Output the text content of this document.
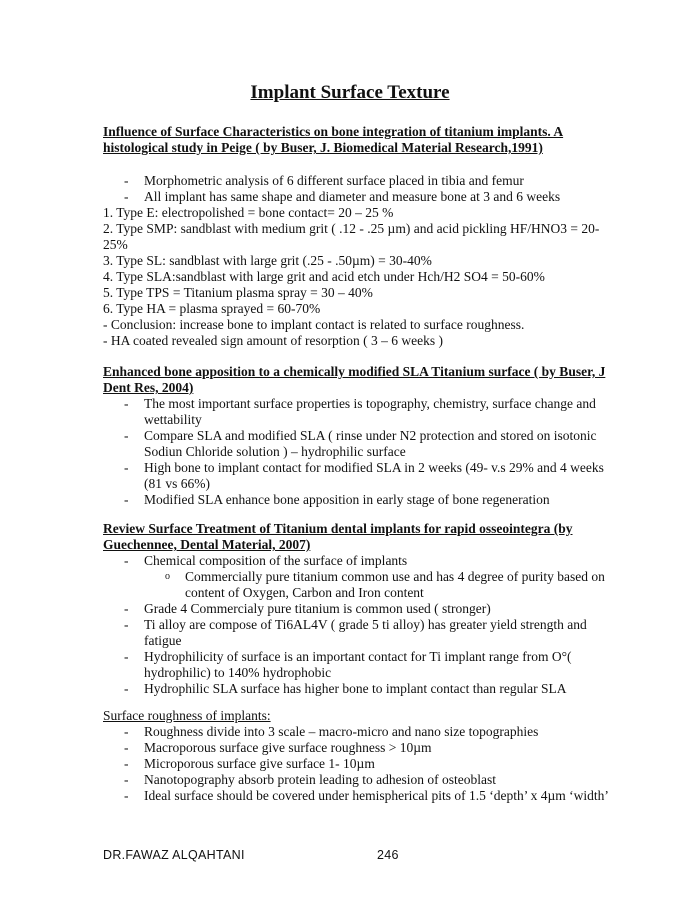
Implant Surface Texture

Influence of Surface Characteristics on bone integration of titanium implants. A histological study in Peige ( by Buser, J. Biomedical Material Research,1991)

- Morphometric analysis of 6 different surface placed in tibia and femur
- All implant has same shape and diameter and measure bone at 3 and 6 weeks
1. Type E: electropolished = bone contact= 20 – 25 %
2. Type SMP: sandblast with medium grit ( .12 - .25 µm) and acid pickling HF/HNO3 = 20-
25%
3. Type SL: sandblast with large grit (.25 - .50µm) = 30-40%
4. Type SLA:sandblast with large grit and acid etch under Hch/H2 SO4 = 50-60%
5. Type TPS = Titanium plasma spray = 30 – 40%
6. Type HA = plasma sprayed = 60-70%
- Conclusion: increase bone to implant contact is related to surface roughness.
- HA coated revealed sign amount of resorption ( 3 – 6 weeks )

Enhanced bone apposition to a chemically modified SLA Titanium surface ( by Buser, J Dent Res, 2004)

- The most important surface properties is topography, chemistry, surface change and wettability
- Compare SLA and modified SLA ( rinse under N2 protection and stored on isotonic Sodiun Chloride solution ) – hydrophilic surface
- High bone to implant contact for modified SLA in 2 weeks (49- v.s 29% and 4 weeks (81 vs 66%)
- Modified SLA enhance bone apposition in early stage of bone regeneration

Review Surface Treatment of Titanium dental implants for rapid osseointegra (by Guechennee, Dental Material, 2007)

- Chemical composition of the surface of implants
o Commercially pure titanium common use and has 4 degree of purity based on content of Oxygen, Carbon and Iron content
- Grade 4 Commercialy pure titanium is common used ( stronger)
- Ti alloy are compose of Ti6AL4V ( grade 5 ti alloy) has greater yield strength and fatigue
- Hydrophilicity of surface is an important contact for Ti implant range from O°( hydrophilic) to 140% hydrophobic
- Hydrophilic SLA surface has higher bone to implant contact than regular SLA
Surface roughness of implants:
- Roughness divide into 3 scale – macro-micro and nano size topographies
- Macroporous surface give surface roughness > 10µm
- Microporous surface give surface 1- 10µm
- Nanotopography absorb protein leading to adhesion of osteoblast
- Ideal surface should be covered under hemispherical pits of 1.5 ‘depth’ x 4µm ‘width’
DR.FAWAZ ALQAHTANI	246
